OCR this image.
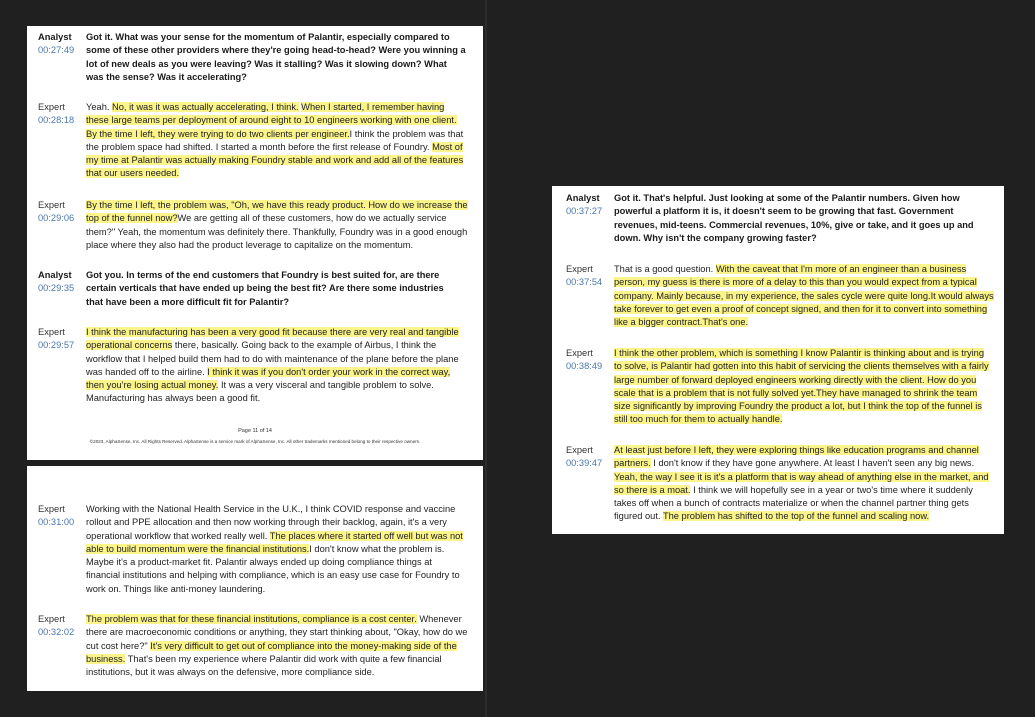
Analyst
00:27:49
Got it. What was your sense for the momentum of Palantir, especially compared to some of these other providers where they're going head-to-head? Were you winning a lot of new deals as you were leaving? Was it stalling? Was it slowing down? What was the sense? Was it accelerating?
Expert
00:28:18
Yeah. No, it was it was actually accelerating, I think. When I started, I remember having these large teams per deployment of around eight to 10 engineers working with one client. By the time I left, they were trying to do two clients per engineer.I think the problem was that the problem space had shifted. I started a month before the first release of Foundry. Most of my time at Palantir was actually making Foundry stable and work and add all of the features that our users needed.
Expert
00:29:06
By the time I left, the problem was, "Oh, we have this ready product. How do we increase the top of the funnel now?We are getting all of these customers, how do we actually service them?" Yeah, the momentum was definitely there. Thankfully, Foundry was in a good enough place where they also had the product leverage to capitalize on the momentum.
Analyst
00:29:35
Got you. In terms of the end customers that Foundry is best suited for, are there certain verticals that have ended up being the best fit? Are there some industries that have been a more difficult fit for Palantir?
Expert
00:29:57
I think the manufacturing has been a very good fit because there are very real and tangible operational concerns there, basically. Going back to the example of Airbus, I think the workflow that I helped build them had to do with maintenance of the plane before the plane was handed off to the airline. I think it was if you don't order your work in the correct way, then you're losing actual money. It was a very visceral and tangible problem to solve. Manufacturing has always been a good fit.
Page 11 of 14
©2023, AlphaSense, Inc. All Rights Reserved. AlphaSense is a service mark of AlphaSense, Inc. All other trademarks mentioned belong to their respective owners.
Expert
00:31:00
Working with the National Health Service in the U.K., I think COVID response and vaccine rollout and PPE allocation and then now working through their backlog, again, it's a very operational workflow that worked really well. The places where it started off well but was not able to build momentum were the financial institutions.I don't know what the problem is. Maybe it's a product-market fit. Palantir always ended up doing compliance things at financial institutions and helping with compliance, which is an easy use case for Foundry to work on. Things like anti-money laundering.
Expert
00:32:02
The problem was that for these financial institutions, compliance is a cost center. Whenever there are macroeconomic conditions or anything, they start thinking about, "Okay, how do we cut cost here?" It's very difficult to get out of compliance into the money-making side of the business. That's been my experience where Palantir did work with quite a few financial institutions, but it was always on the defensive, more compliance side.
Analyst
00:37:27
Got it. That's helpful. Just looking at some of the Palantir numbers. Given how powerful a platform it is, it doesn't seem to be growing that fast. Government revenues, mid-teens. Commercial revenues, 10%, give or take, and it goes up and down. Why isn't the company growing faster?
Expert
00:37:54
That is a good question. With the caveat that I'm more of an engineer than a business person, my guess is there is more of a delay to this than you would expect from a typical company. Mainly because, in my experience, the sales cycle were quite long.It would always take forever to get even a proof of concept signed, and then for it to convert into something like a bigger contract.That's one.
Expert
00:38:49
I think the other problem, which is something I know Palantir is thinking about and is trying to solve, is Palantir had gotten into this habit of servicing the clients themselves with a fairly large number of forward deployed engineers working directly with the client. How do you scale that is a problem that is not fully solved yet.They have managed to shrink the team size significantly by improving Foundry the product a lot, but I think the top of the funnel is still too much for them to actually handle.
Expert
00:39:47
At least just before I left, they were exploring things like education programs and channel partners. I don't know if they have gone anywhere. At least I haven't seen any big news. Yeah, the way I see it is it's a platform that is way ahead of anything else in the market, and so there is a moat. I think we will hopefully see in a year or two's time where it suddenly takes off when a bunch of contracts materialize or when the channel partner thing gets figured out. The problem has shifted to the top of the funnel and scaling now.
